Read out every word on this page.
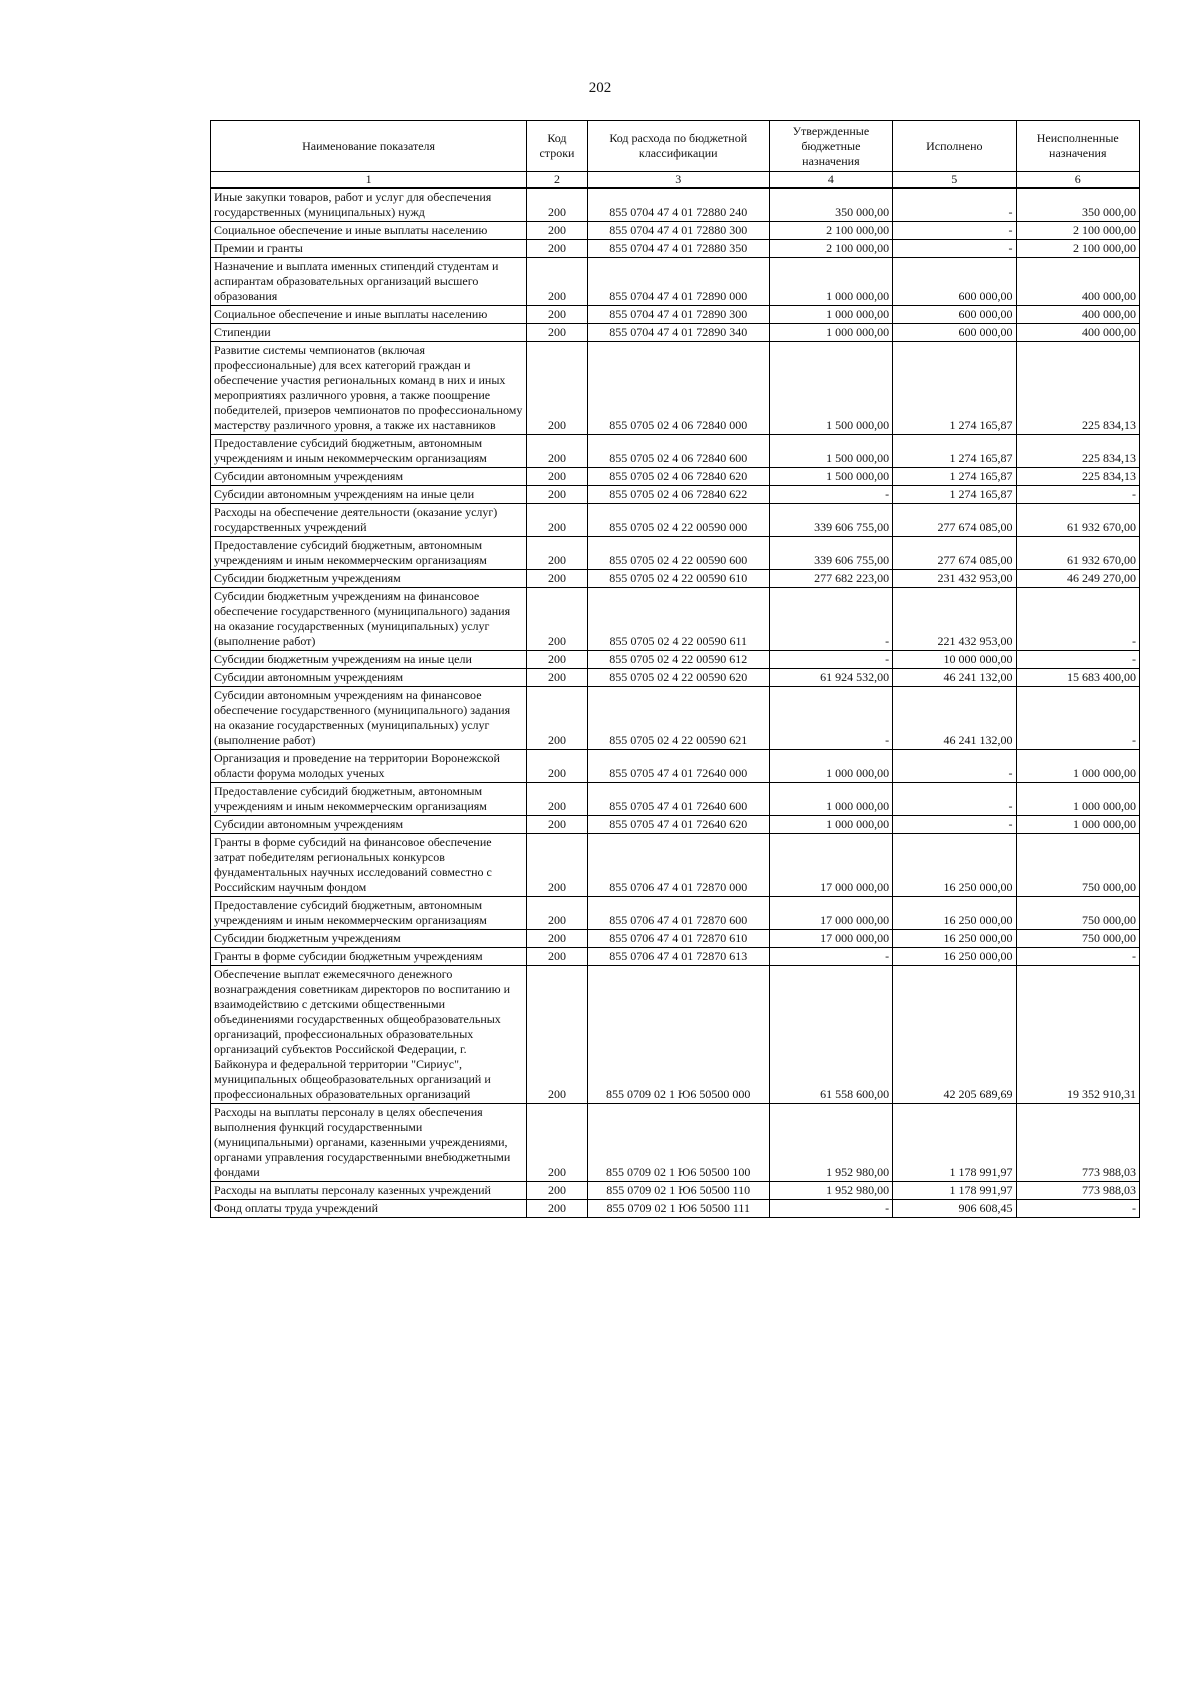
202
Наименование показателя	Код строки	Код расхода по бюджетной классификации	Утвержденные бюджетные назначения	Исполнено	Неисполненные назначения
1	2	3	4	5	6
Иные закупки товаров, работ и услуг для обеспечения государственных (муниципальных) нужд	200	855 0704 47 4 01 72880 240	350 000,00	-	350 000,00
Социальное обеспечение и иные выплаты населению	200	855 0704 47 4 01 72880 300	2 100 000,00	-	2 100 000,00
Премии и гранты	200	855 0704 47 4 01 72880 350	2 100 000,00	-	2 100 000,00
Назначение и выплата именных стипендий студентам и аспирантам образовательных организаций высшего образования	200	855 0704 47 4 01 72890 000	1 000 000,00	600 000,00	400 000,00
Социальное обеспечение и иные выплаты населению	200	855 0704 47 4 01 72890 300	1 000 000,00	600 000,00	400 000,00
Стипендии	200	855 0704 47 4 01 72890 340	1 000 000,00	600 000,00	400 000,00
Развитие системы чемпионатов (включая профессиональные) для всех категорий граждан и обеспечение участия региональных команд в них и иных мероприятиях различного уровня, а также поощрение победителей, призеров чемпионатов по профессиональному мастерству различного уровня, а также их наставников	200	855 0705 02 4 06 72840 000	1 500 000,00	1 274 165,87	225 834,13
Предоставление субсидий бюджетным, автономным учреждениям и иным некоммерческим организациям	200	855 0705 02 4 06 72840 600	1 500 000,00	1 274 165,87	225 834,13
Субсидии автономным учреждениям	200	855 0705 02 4 06 72840 620	1 500 000,00	1 274 165,87	225 834,13
Субсидии автономным учреждениям на иные цели	200	855 0705 02 4 06 72840 622	-	1 274 165,87	-
Расходы на обеспечение деятельности (оказание услуг) государственных учреждений	200	855 0705 02 4 22 00590 000	339 606 755,00	277 674 085,00	61 932 670,00
Предоставление субсидий бюджетным, автономным учреждениям и иным некоммерческим организациям	200	855 0705 02 4 22 00590 600	339 606 755,00	277 674 085,00	61 932 670,00
Субсидии бюджетным учреждениям	200	855 0705 02 4 22 00590 610	277 682 223,00	231 432 953,00	46 249 270,00
Субсидии бюджетным учреждениям на финансовое обеспечение государственного (муниципального) задания на оказание государственных (муниципальных) услуг (выполнение работ)	200	855 0705 02 4 22 00590 611	-	221 432 953,00	-
Субсидии бюджетным учреждениям на иные цели	200	855 0705 02 4 22 00590 612	-	10 000 000,00	-
Субсидии автономным учреждениям	200	855 0705 02 4 22 00590 620	61 924 532,00	46 241 132,00	15 683 400,00
Субсидии автономным учреждениям на финансовое обеспечение государственного (муниципального) задания на оказание государственных (муниципальных) услуг (выполнение работ)	200	855 0705 02 4 22 00590 621	-	46 241 132,00	-
Организация и проведение на территории Воронежской области форума молодых ученых	200	855 0705 47 4 01 72640 000	1 000 000,00	-	1 000 000,00
Предоставление субсидий бюджетным, автономным учреждениям и иным некоммерческим организациям	200	855 0705 47 4 01 72640 600	1 000 000,00	-	1 000 000,00
Субсидии автономным учреждениям	200	855 0705 47 4 01 72640 620	1 000 000,00	-	1 000 000,00
Гранты в форме субсидий на финансовое обеспечение затрат победителям региональных конкурсов фундаментальных научных исследований совместно с Российским научным фондом	200	855 0706 47 4 01 72870 000	17 000 000,00	16 250 000,00	750 000,00
Предоставление субсидий бюджетным, автономным учреждениям и иным некоммерческим организациям	200	855 0706 47 4 01 72870 600	17 000 000,00	16 250 000,00	750 000,00
Субсидии бюджетным учреждениям	200	855 0706 47 4 01 72870 610	17 000 000,00	16 250 000,00	750 000,00
Гранты в форме субсидии бюджетным учреждениям	200	855 0706 47 4 01 72870 613	-	16 250 000,00	-
Обеспечение выплат ежемесячного денежного вознаграждения советникам директоров по воспитанию и взаимодействию с детскими общественными объединениями государственных общеобразовательных организаций, профессиональных образовательных организаций субъектов Российской Федерации, г. Байконура и федеральной территории "Сириус", муниципальных общеобразовательных организаций и профессиональных образовательных организаций	200	855 0709 02 1 Ю6 50500 000	61 558 600,00	42 205 689,69	19 352 910,31
Расходы на выплаты персоналу в целях обеспечения выполнения функций государственными (муниципальными) органами, казенными учреждениями, органами управления государственными внебюджетными фондами	200	855 0709 02 1 Ю6 50500 100	1 952 980,00	1 178 991,97	773 988,03
Расходы на выплаты персоналу казенных учреждений	200	855 0709 02 1 Ю6 50500 110	1 952 980,00	1 178 991,97	773 988,03
Фонд оплаты труда учреждений	200	855 0709 02 1 Ю6 50500 111	-	906 608,45	-
